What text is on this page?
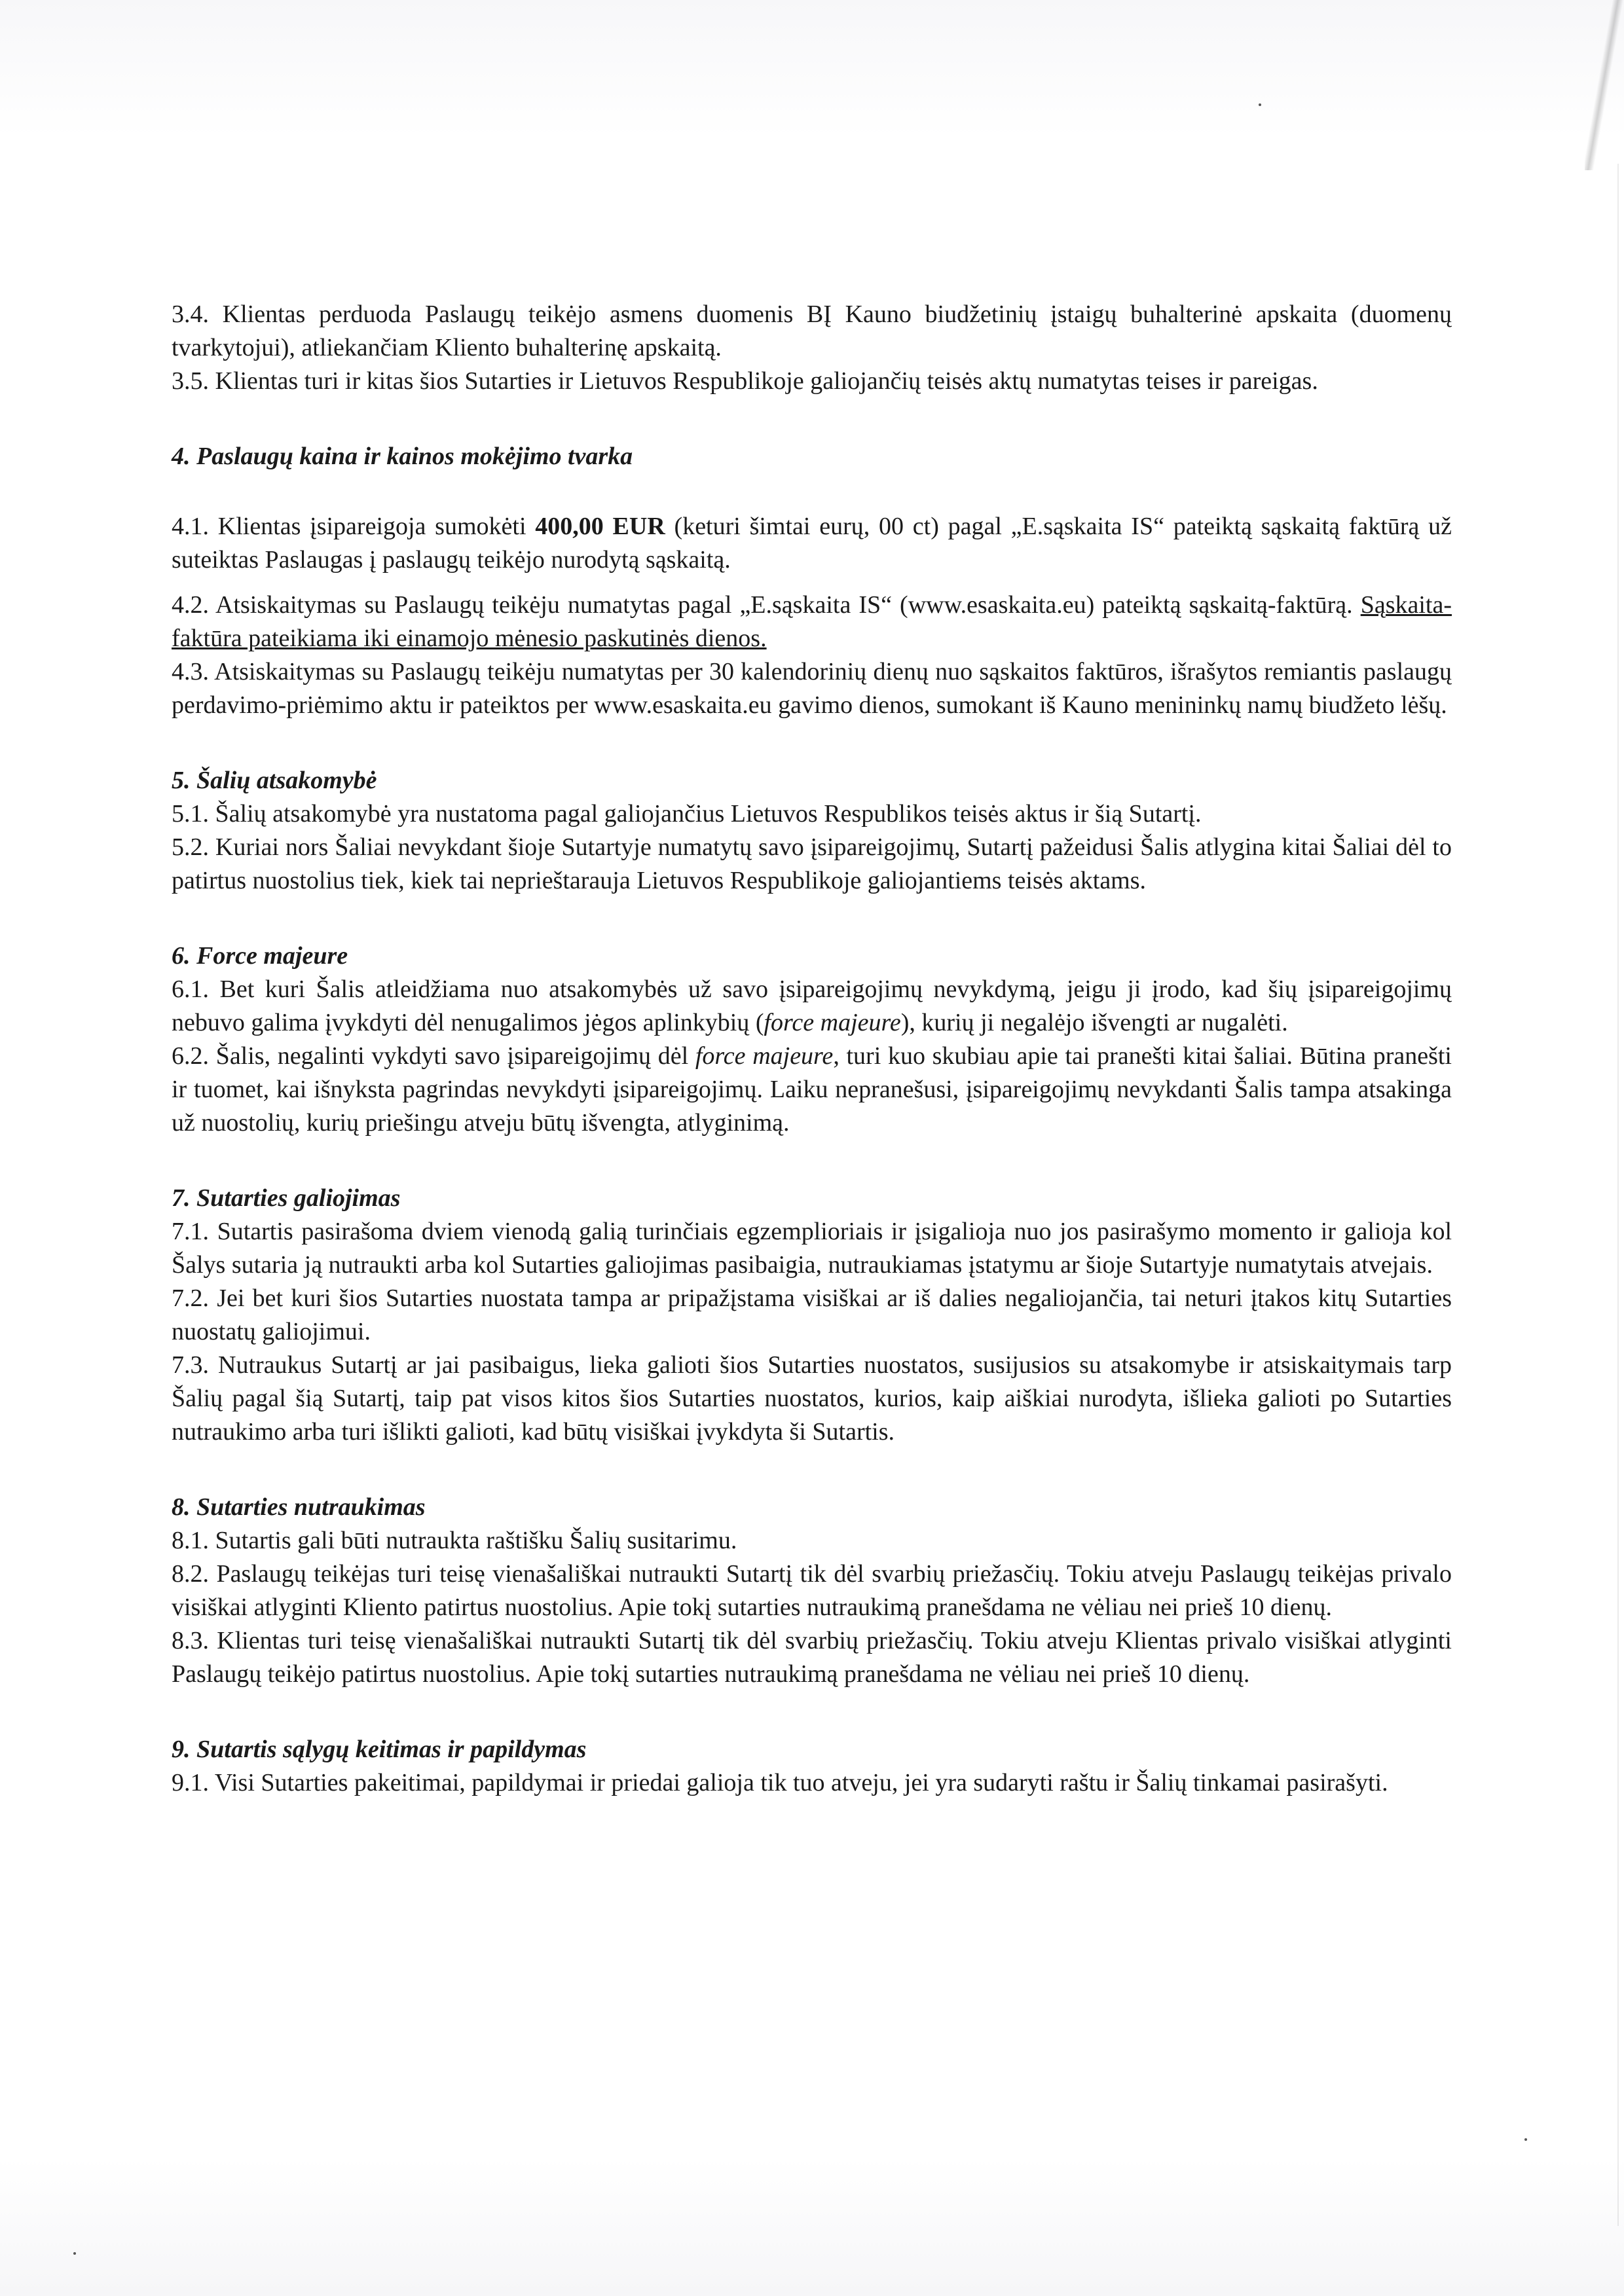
3.4. Klientas perduoda Paslaugų teikėjo asmens duomenis BĮ Kauno biudžetinių įstaigų buhalterinė apskaita (duomenų tvarkytojui), atliekančiam Kliento buhalterinę apskaitą.

3.5. Klientas turi ir kitas šios Sutarties ir Lietuvos Respublikoje galiojančių teisės aktų numatytas teises ir pareigas.

4. Paslaugų kaina ir kainos mokėjimo tvarka

4.1. Klientas įsipareigoja sumokėti 400,00 EUR (keturi šimtai eurų, 00 ct) pagal „E.sąskaita IS“ pateiktą sąskaitą faktūrą už suteiktas Paslaugas į paslaugų teikėjo nurodytą sąskaitą.

4.2. Atsiskaitymas su Paslaugų teikėju numatytas pagal „E.sąskaita IS“ (www.esaskaita.eu) pateiktą sąskaitą-faktūrą. Sąskaita-faktūra pateikiama iki einamojo mėnesio paskutinės dienos.

4.3. Atsiskaitymas su Paslaugų teikėju numatytas per 30 kalendorinių dienų nuo sąskaitos faktūros, išrašytos remiantis paslaugų perdavimo-priėmimo aktu ir pateiktos per www.esaskaita.eu gavimo dienos, sumokant iš Kauno menininkų namų biudžeto lėšų.

5. Šalių atsakomybė

5.1. Šalių atsakomybė yra nustatoma pagal galiojančius Lietuvos Respublikos teisės aktus ir šią Sutartį.

5.2. Kuriai nors Šaliai nevykdant šioje Sutartyje numatytų savo įsipareigojimų, Sutartį pažeidusi Šalis atlygina kitai Šaliai dėl to patirtus nuostolius tiek, kiek tai neprieštarauja Lietuvos Respublikoje galiojantiems teisės aktams.

6. Force majeure

6.1. Bet kuri Šalis atleidžiama nuo atsakomybės už savo įsipareigojimų nevykdymą, jeigu ji įrodo, kad šių įsipareigojimų nebuvo galima įvykdyti dėl nenugalimos jėgos aplinkybių (force majeure), kurių ji negalėjo išvengti ar nugalėti.

6.2. Šalis, negalinti vykdyti savo įsipareigojimų dėl force majeure, turi kuo skubiau apie tai pranešti kitai šaliai. Būtina pranešti ir tuomet, kai išnyksta pagrindas nevykdyti įsipareigojimų. Laiku nepranešusi, įsipareigojimų nevykdanti Šalis tampa atsakinga už nuostolių, kurių priešingu atveju būtų išvengta, atlyginimą.

7. Sutarties galiojimas

7.1. Sutartis pasirašoma dviem vienodą galią turinčiais egzemplioriais ir įsigalioja nuo jos pasirašymo momento ir galioja kol Šalys sutaria ją nutraukti arba kol Sutarties galiojimas pasibaigia, nutraukiamas įstatymu ar šioje Sutartyje numatytais atvejais.

7.2. Jei bet kuri šios Sutarties nuostata tampa ar pripažįstama visiškai ar iš dalies negaliojančia, tai neturi įtakos kitų Sutarties nuostatų galiojimui.

7.3. Nutraukus Sutartį ar jai pasibaigus, lieka galioti šios Sutarties nuostatos, susijusios su atsakomybe ir atsiskaitymais tarp Šalių pagal šią Sutartį, taip pat visos kitos šios Sutarties nuostatos, kurios, kaip aiškiai nurodyta, išlieka galioti po Sutarties nutraukimo arba turi išlikti galioti, kad būtų visiškai įvykdyta ši Sutartis.

8. Sutarties nutraukimas

8.1. Sutartis gali būti nutraukta raštišku Šalių susitarimu.

8.2. Paslaugų teikėjas turi teisę vienašališkai nutraukti Sutartį tik dėl svarbių priežasčių. Tokiu atveju Paslaugų teikėjas privalo visiškai atlyginti Kliento patirtus nuostolius. Apie tokį sutarties nutraukimą pranešdama ne vėliau nei prieš 10 dienų.

8.3. Klientas turi teisę vienašališkai nutraukti Sutartį tik dėl svarbių priežasčių. Tokiu atveju Klientas privalo visiškai atlyginti Paslaugų teikėjo patirtus nuostolius. Apie tokį sutarties nutraukimą pranešdama ne vėliau nei prieš 10 dienų.

9. Sutartis sąlygų keitimas ir papildymas

9.1. Visi Sutarties pakeitimai, papildymai ir priedai galioja tik tuo atveju, jei yra sudaryti raštu ir Šalių tinkamai pasirašyti.
